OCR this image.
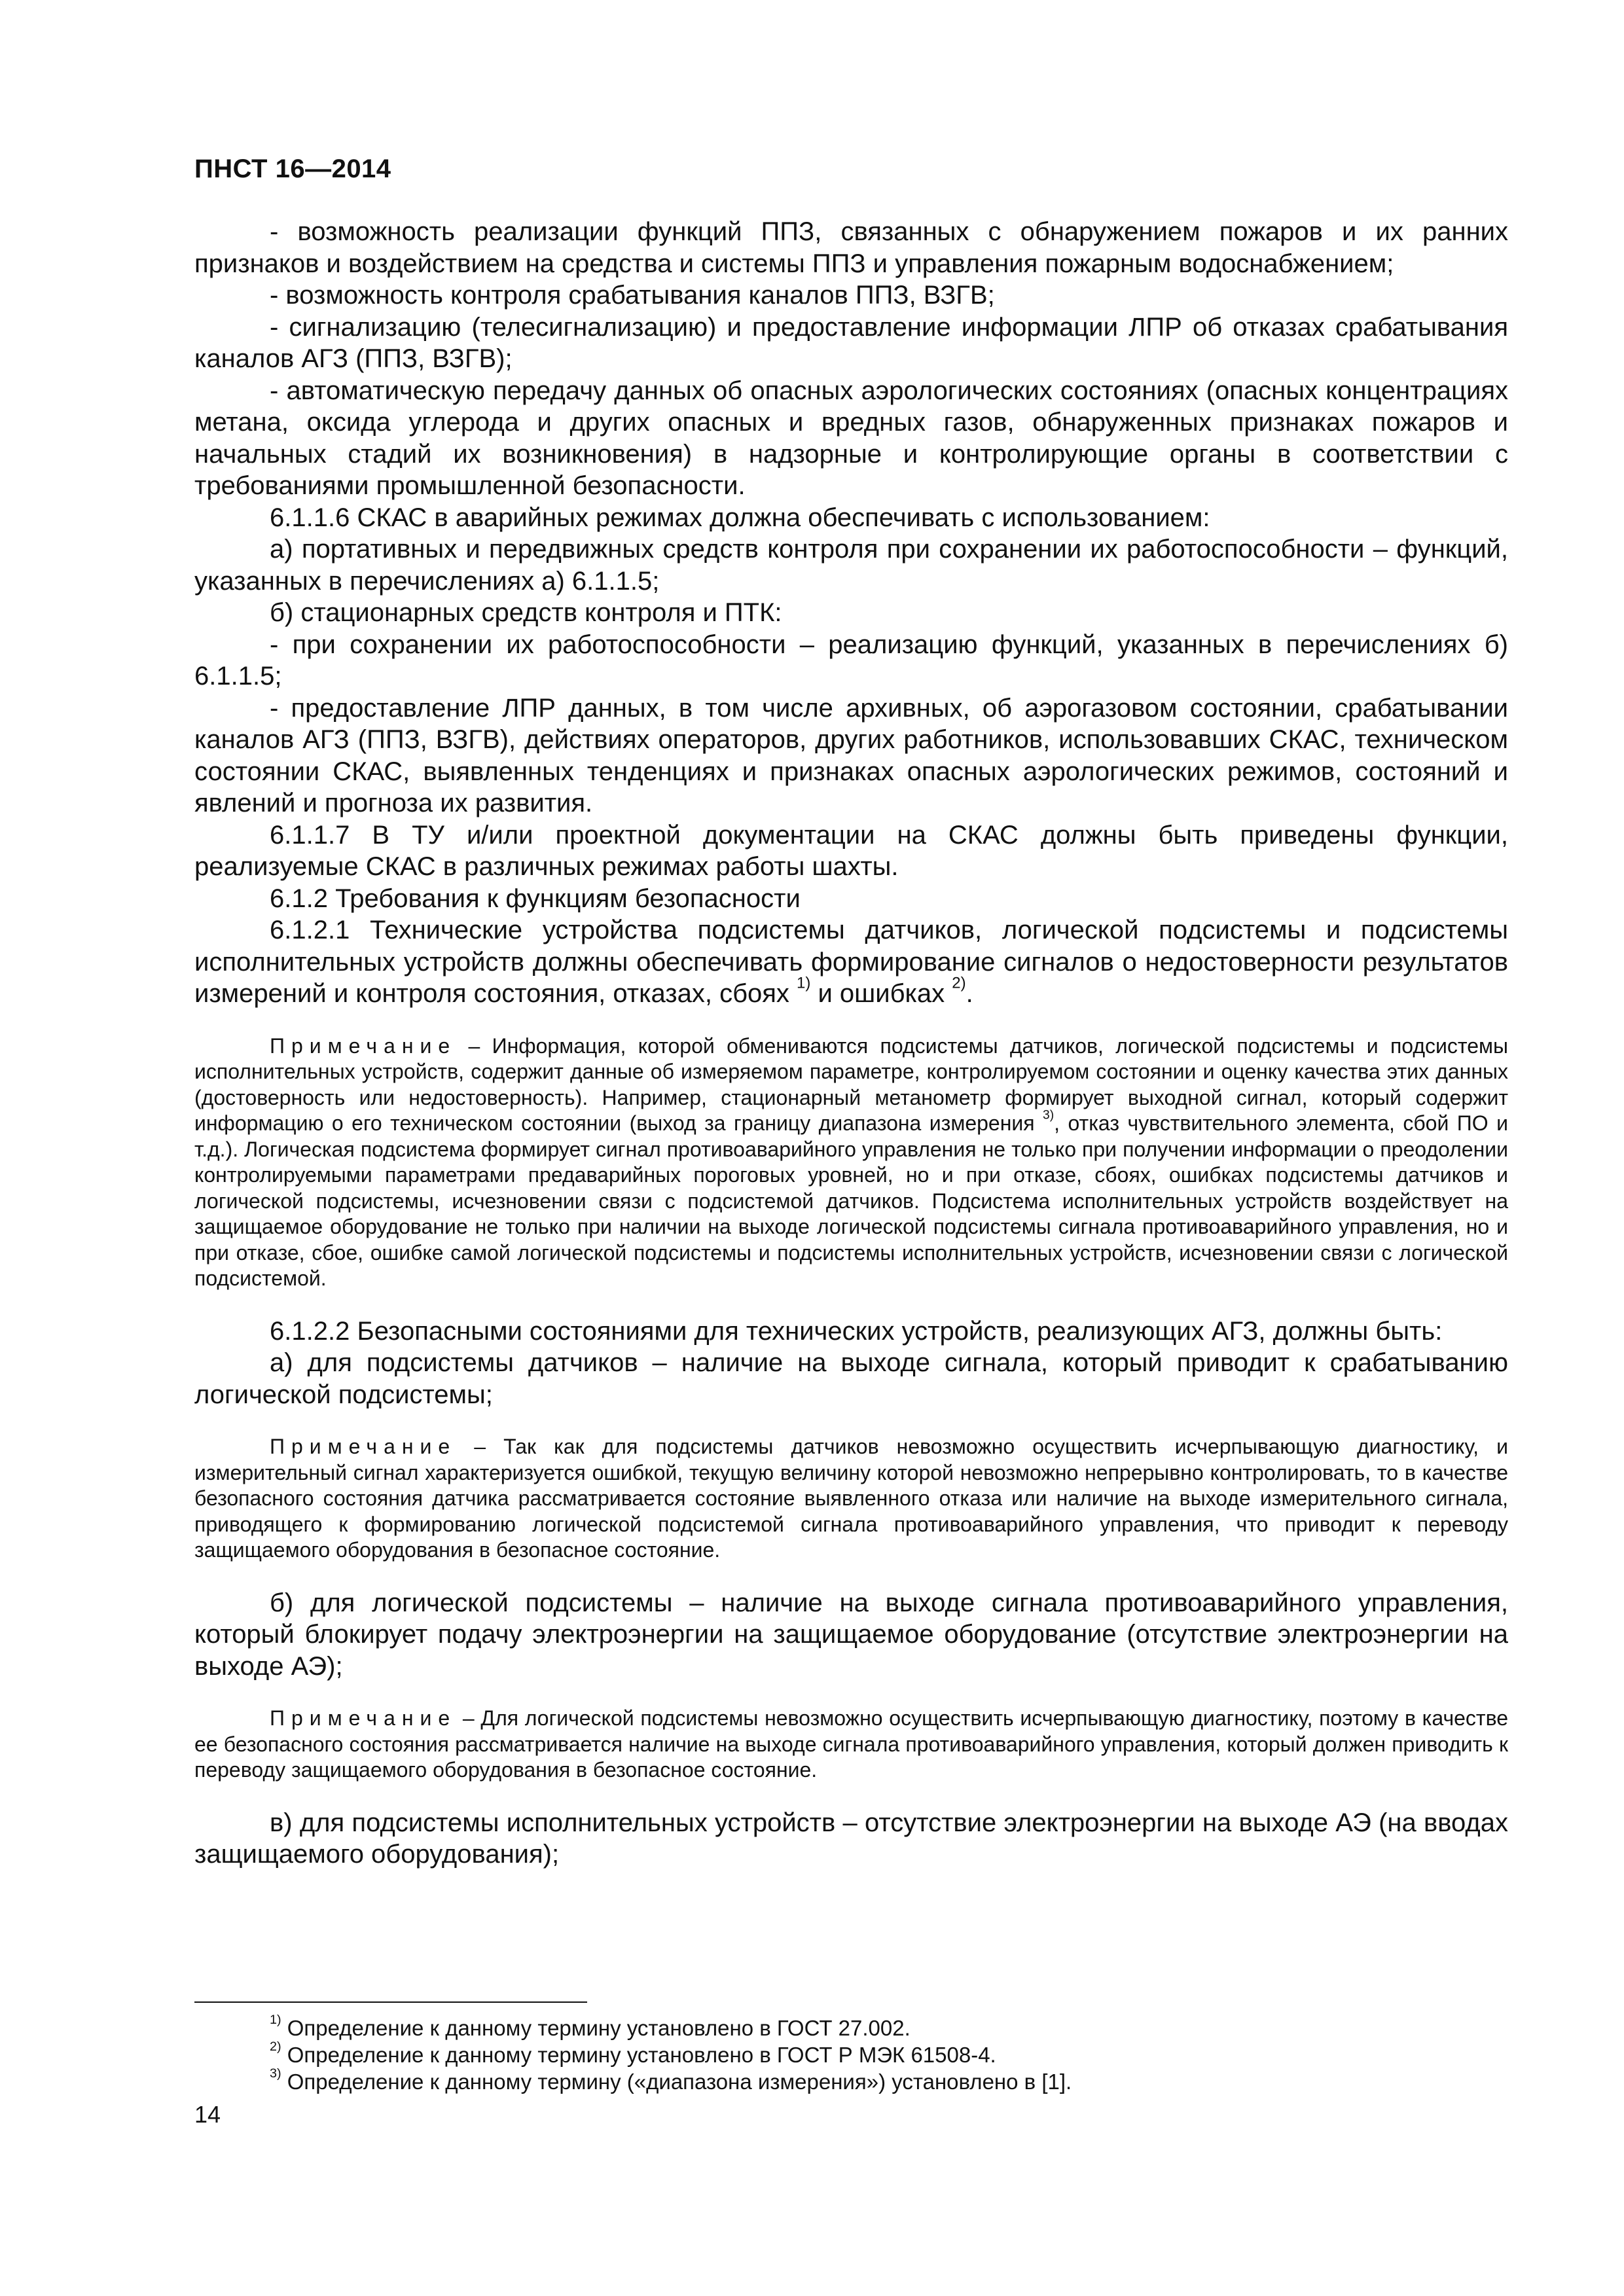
ПНСТ 16—2014

- возможность реализации функций ППЗ, связанных с обнаружением пожаров и их ранних признаков и воздействием на средства и системы ППЗ и управления пожарным водоснабжением;

- возможность контроля срабатывания каналов ППЗ, ВЗГВ;

- сигнализацию (телесигнализацию) и предоставление информации ЛПР об отказах срабатывания каналов АГЗ (ППЗ, ВЗГВ);

- автоматическую передачу данных об опасных аэрологических состояниях (опасных концентрациях метана, оксида углерода и других опасных и вредных газов, обнаруженных признаках пожаров и начальных стадий их возникновения) в надзорные и контролирующие органы в соответствии с требованиями промышленной безопасности.

6.1.1.6 СКАС в аварийных режимах должна обеспечивать с использованием:

а) портативных и передвижных средств контроля при сохранении их работоспособности – функций, указанных в перечислениях а) 6.1.1.5;

б) стационарных средств контроля и ПТК:

- при сохранении их работоспособности – реализацию функций, указанных в перечислениях б) 6.1.1.5;

- предоставление ЛПР данных, в том числе архивных, об аэрогазовом состоянии, срабатывании каналов АГЗ (ППЗ, ВЗГВ), действиях операторов, других работников, использовавших СКАС, техническом состоянии СКАС, выявленных тенденциях и признаках опасных аэрологических режимов, состояний и явлений и прогноза их развития.

6.1.1.7 В ТУ и/или проектной документации на СКАС должны быть приведены функции, реализуемые СКАС в различных режимах работы шахты.

6.1.2 Требования к функциям безопасности

6.1.2.1 Технические устройства подсистемы датчиков, логической подсистемы и подсистемы исполнительных устройств должны обеспечивать формирование сигналов о недостоверности результатов измерений и контроля состояния, отказах, сбоях $^{1)}$ и ошибках $^{2)}$.

Примечание – Информация, которой обмениваются подсистемы датчиков, логической подсистемы и подсистемы исполнительных устройств, содержит данные об измеряемом параметре, контролируемом состоянии и оценку качества этих данных (достоверность или недостоверность). Например, стационарный метанометр формирует выходной сигнал, который содержит информацию о его техническом состоянии (выход за границу диапазона измерения $^{3)}$, отказ чувствительного элемента, сбой ПО и т.д.). Логическая подсистема формирует сигнал противоаварийного управления не только при получении информации о преодолении контролируемыми параметрами предаварийных пороговых уровней, но и при отказе, сбоях, ошибках подсистемы датчиков и логической подсистемы, исчезновении связи с подсистемой датчиков. Подсистема исполнительных устройств воздействует на защищаемое оборудование не только при наличии на выходе логической подсистемы сигнала противоаварийного управления, но и при отказе, сбое, ошибке самой логической подсистемы и подсистемы исполнительных устройств, исчезновении связи с логической подсистемой.

6.1.2.2 Безопасными состояниями для технических устройств, реализующих АГЗ, должны быть:

а) для подсистемы датчиков – наличие на выходе сигнала, который приводит к срабатыванию логической подсистемы;

Примечание – Так как для подсистемы датчиков невозможно осуществить исчерпывающую диагностику, и измерительный сигнал характеризуется ошибкой, текущую величину которой невозможно непрерывно контролировать, то в качестве безопасного состояния датчика рассматривается состояние выявленного отказа или наличие на выходе измерительного сигнала, приводящего к формированию логической подсистемой сигнала противоаварийного управления, что приводит к переводу защищаемого оборудования в безопасное состояние.

б) для логической подсистемы – наличие на выходе сигнала противоаварийного управления, который блокирует подачу электроэнергии на защищаемое оборудование (отсутствие электроэнергии на выходе АЭ);

Примечание – Для логической подсистемы невозможно осуществить исчерпывающую диагностику, поэтому в качестве ее безопасного состояния рассматривается наличие на выходе сигнала противоаварийного управления, который должен приводить к переводу защищаемого оборудования в безопасное состояние.

в) для подсистемы исполнительных устройств – отсутствие электроэнергии на выходе АЭ (на вводах защищаемого оборудования);

$^{1)}$ Определение к данному термину установлено в ГОСТ 27.002.
$^{2)}$ Определение к данному термину установлено в ГОСТ Р МЭК 61508-4.
$^{3)}$ Определение к данному термину («диапазона измерения») установлено в [1].
14
